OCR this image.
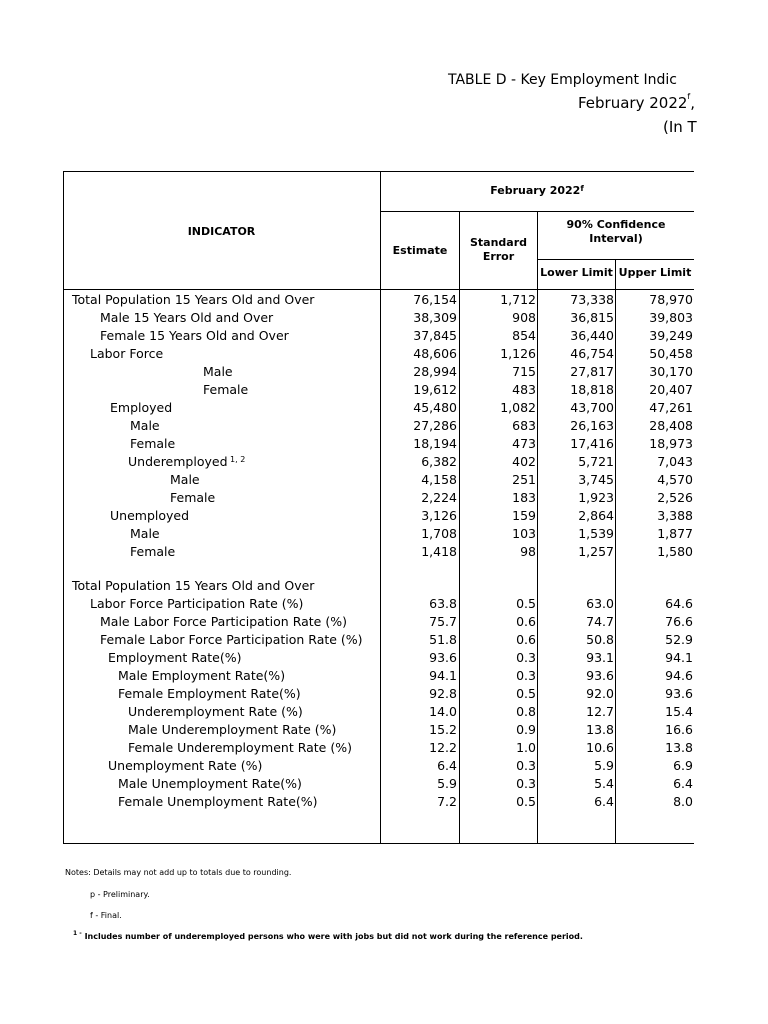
TABLE D - Key Employment Indic
February 2022$^f$,
(In T
INDICATOR
February 2022$^f$
Estimate
Standard Error
90% Confidence Interval)
Lower Limit Upper Limit
Total Population 15 Years Old and Over	76,154	1,712	73,338	78,970
Male 15 Years Old and Over	38,309	908	36,815	39,803
Female 15 Years Old and Over	37,845	854	36,440	39,249
Labor Force	48,606	1,126	46,754	50,458
Male	28,994	715	27,817	30,170
Female	19,612	483	18,818	20,407
Employed	45,480	1,082	43,700	47,261
Male	27,286	683	26,163	28,408
Female	18,194	473	17,416	18,973
Underemployed $^{1, 2}$	6,382	402	5,721	7,043
Male	4,158	251	3,745	4,570
Female	2,224	183	1,923	2,526
Unemployed	3,126	159	2,864	3,388
Male	1,708	103	1,539	1,877
Female	1,418	98	1,257	1,580
Total Population 15 Years Old and Over
Labor Force Participation Rate (%)	63.8	0.5	63.0	64.6
Male Labor Force Participation Rate (%)	75.7	0.6	74.7	76.6
Female Labor Force Participation Rate (%)	51.8	0.6	50.8	52.9
Employment Rate(%)	93.6	0.3	93.1	94.1
Male Employment Rate(%)	94.1	0.3	93.6	94.6
Female Employment Rate(%)	92.8	0.5	92.0	93.6
Underemployment Rate (%)	14.0	0.8	12.7	15.4
Male Underemployment Rate (%)	15.2	0.9	13.8	16.6
Female Underemployment Rate (%)	12.2	1.0	10.6	13.8
Unemployment Rate (%)	6.4	0.3	5.9	6.9
Male Unemployment Rate(%)	5.9	0.3	5.4	6.4
Female Unemployment Rate(%)	7.2	0.5	6.4	8.0
Notes: Details may not add up to totals due to rounding.
p - Preliminary.
f - Final.
$^{1 -}$ Includes number of underemployed persons who were with jobs but did not work during the reference period.
